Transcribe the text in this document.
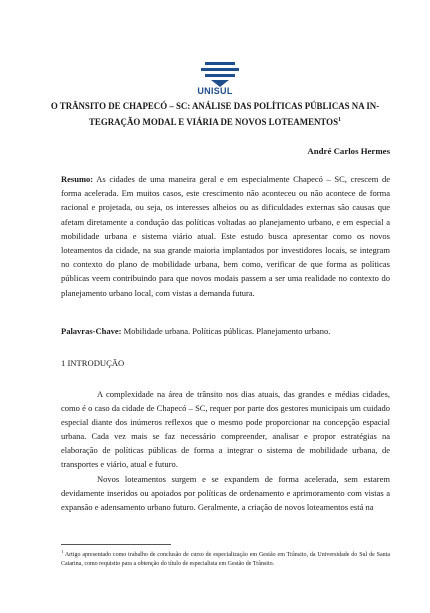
UNISUL
O TRÂNSITO DE CHAPECÓ – SC: ANÁLISE DAS POLÍTICAS PÚBLICAS NA IN-
TEGRAÇÃO MODAL E VIÁRIA DE NOVOS LOTEAMENTOS$^1$
André Carlos Hermes
Resumo: As cidades de uma maneira geral e em especialmente Chapecó – SC, crescem de forma acelerada. Em muitos casos, este crescimento não aconteceu ou não acontece de forma racional e projetada, ou seja, os interesses alheios ou as dificuldades externas são causas que afetam diretamente a condução das políticas voltadas ao planejamento urbano, e em especial a mobilidade urbana e sistema viário atual. Este estudo busca apresentar como os novos loteamentos da cidade, na sua grande maioria implantados por investidores locais, se integram no contexto do plano de mobilidade urbana, bem como, verificar de que forma as políticas públicas veem contribuindo para que novos modais passem a ser uma realidade no contexto do planejamento urbano local, com vistas a demanda futura.
Palavras-Chave: Mobilidade urbana. Políticas públicas. Planejamento urbano.
1 INTRODUÇÃO

A complexidade na área de trânsito nos dias atuais, das grandes e médias cidades, como é o caso da cidade de Chapecó – SC, requer por parte dos gestores municipais um cuidado especial diante dos inúmeros reflexos que o mesmo pode proporcionar na concepção espacial urbana. Cada vez mais se faz necessário compreender, analisar e propor estratégias na elaboração de políticas públicas de forma a integrar o sistema de mobilidade urbana, de transportes e viário, atual e futuro.

Novos loteamentos surgem e se expandem de forma acelerada, sem estarem devidamente inseridos ou apoiados por políticas de ordenamento e aprimoramento com vistas a expansão e adensamento urbano futuro. Geralmente, a criação de novos loteamentos está na

$^1$ Artigo apresentado como trabalho de conclusão de curso de especialização em Gestão em Trânsito, da Universidade do Sul de Santa Catarina, como requisito para a obtenção do título de especialista em Gestão de Trânsito.
